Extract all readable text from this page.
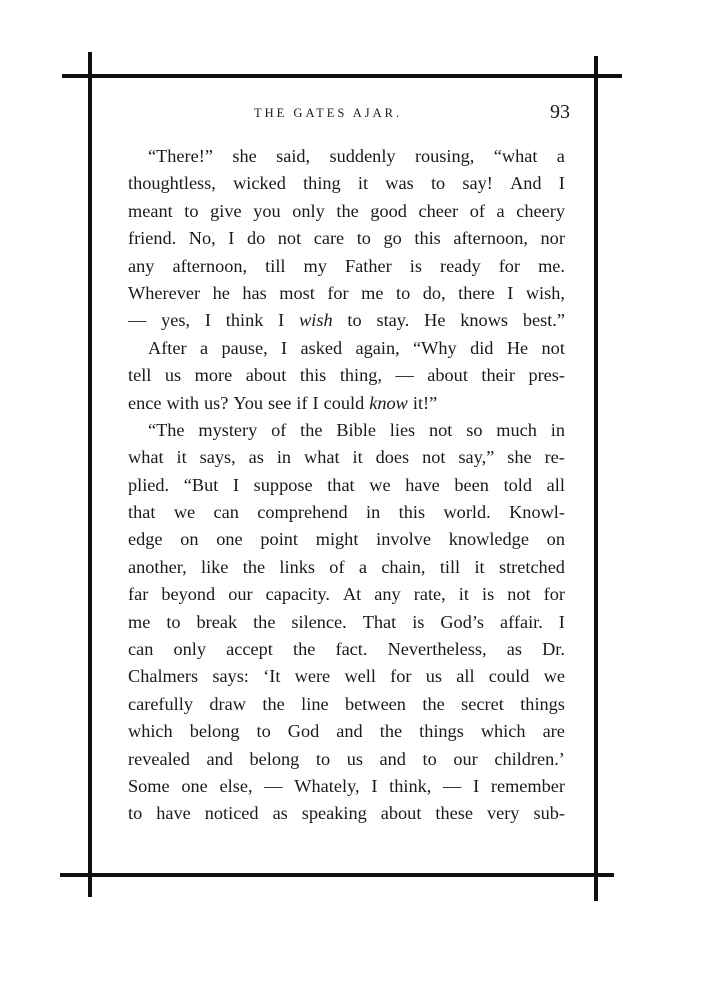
THE GATES AJAR.	93
“There!” she said, suddenly rousing, “what a
thoughtless, wicked thing it was to say! And I
meant to give you only the good cheer of a cheery
friend. No, I do not care to go this afternoon, nor
any afternoon, till my Father is ready for me.
Wherever he has most for me to do, there I wish,
— yes, I think I wish to stay. He knows best.”
After a pause, I asked again, “Why did He not
tell us more about this thing, — about their pres-
ence with us? You see if I could know it!”
“The mystery of the Bible lies not so much in
what it says, as in what it does not say,” she re-
plied. “But I suppose that we have been told all
that we can comprehend in this world. Knowl-
edge on one point might involve knowledge on
another, like the links of a chain, till it stretched
far beyond our capacity. At any rate, it is not for
me to break the silence. That is God’s affair. I
can only accept the fact. Nevertheless, as Dr.
Chalmers says: ‘It were well for us all could we
carefully draw the line between the secret things
which belong to God and the things which are
revealed and belong to us and to our children.’
Some one else, — Whately, I think, — I remember
to have noticed as speaking about these very sub-
